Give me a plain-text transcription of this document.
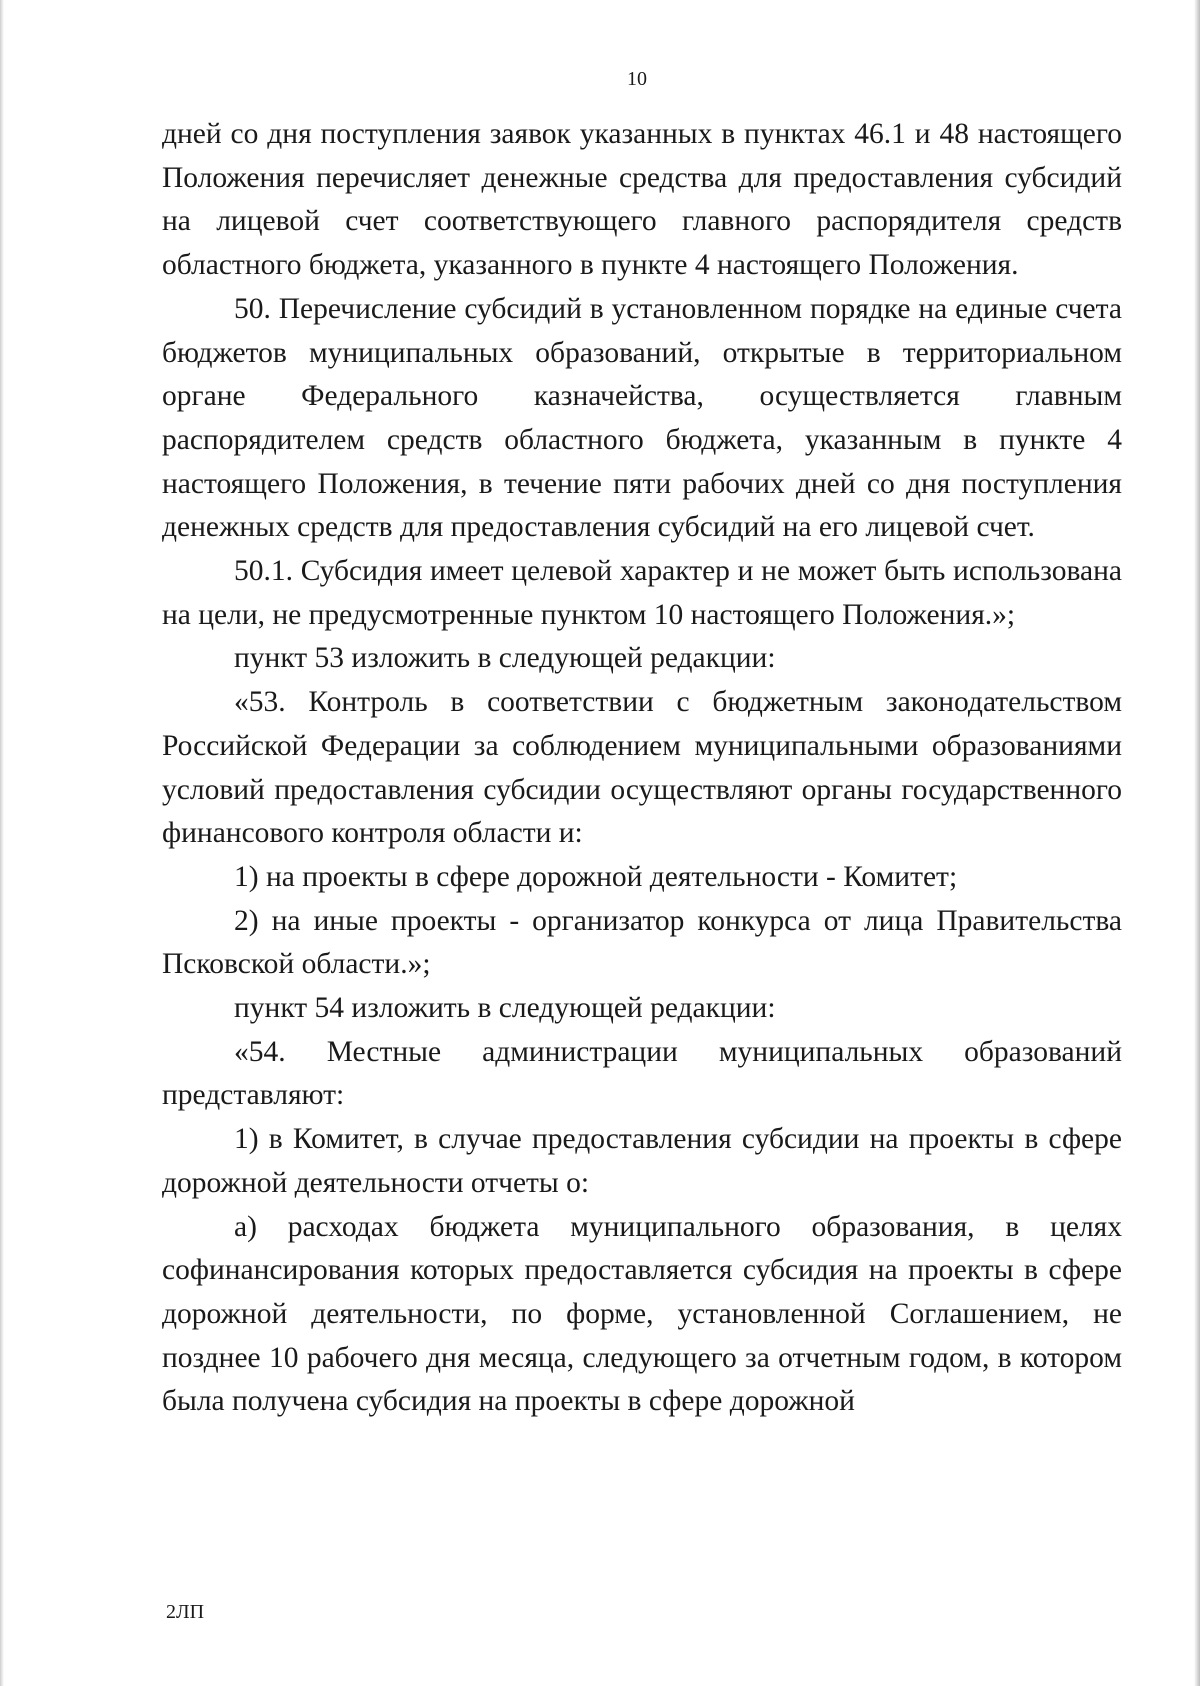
10

дней со дня поступления заявок указанных в пунктах 46.1 и 48 настоящего Положения перечисляет денежные средства для предоставления субсидий на лицевой счет соответствующего главного распорядителя средств областного бюджета, указанного в пункте 4 настоящего Положения.

50. Перечисление субсидий в установленном порядке на единые счета бюджетов муниципальных образований, открытые в территориальном органе Федерального казначейства, осуществляется главным распорядителем средств областного бюджета, указанным в пункте 4 настоящего Положения, в течение пяти рабочих дней со дня поступления денежных средств для предоставления субсидий на его лицевой счет.

50.1. Субсидия имеет целевой характер и не может быть использована на цели, не предусмотренные пунктом 10 настоящего Положения.»;

пункт 53 изложить в следующей редакции:

«53. Контроль в соответствии с бюджетным законодательством Российской Федерации за соблюдением муниципальными образованиями условий предоставления субсидии осуществляют органы государственного финансового контроля области и:

1) на проекты в сфере дорожной деятельности - Комитет;

2) на иные проекты - организатор конкурса от лица Правительства Псковской области.»;

пункт 54 изложить в следующей редакции:

«54. Местные администрации муниципальных образований представляют:

1) в Комитет, в случае предоставления субсидии на проекты в сфере дорожной деятельности отчеты о:

а) расходах бюджета муниципального образования, в целях софинансирования которых предоставляется субсидия на проекты в сфере дорожной деятельности, по форме, установленной Соглашением, не позднее 10 рабочего дня месяца, следующего за отчетным годом, в котором была получена субсидия на проекты в сфере дорожной

2ЛП
